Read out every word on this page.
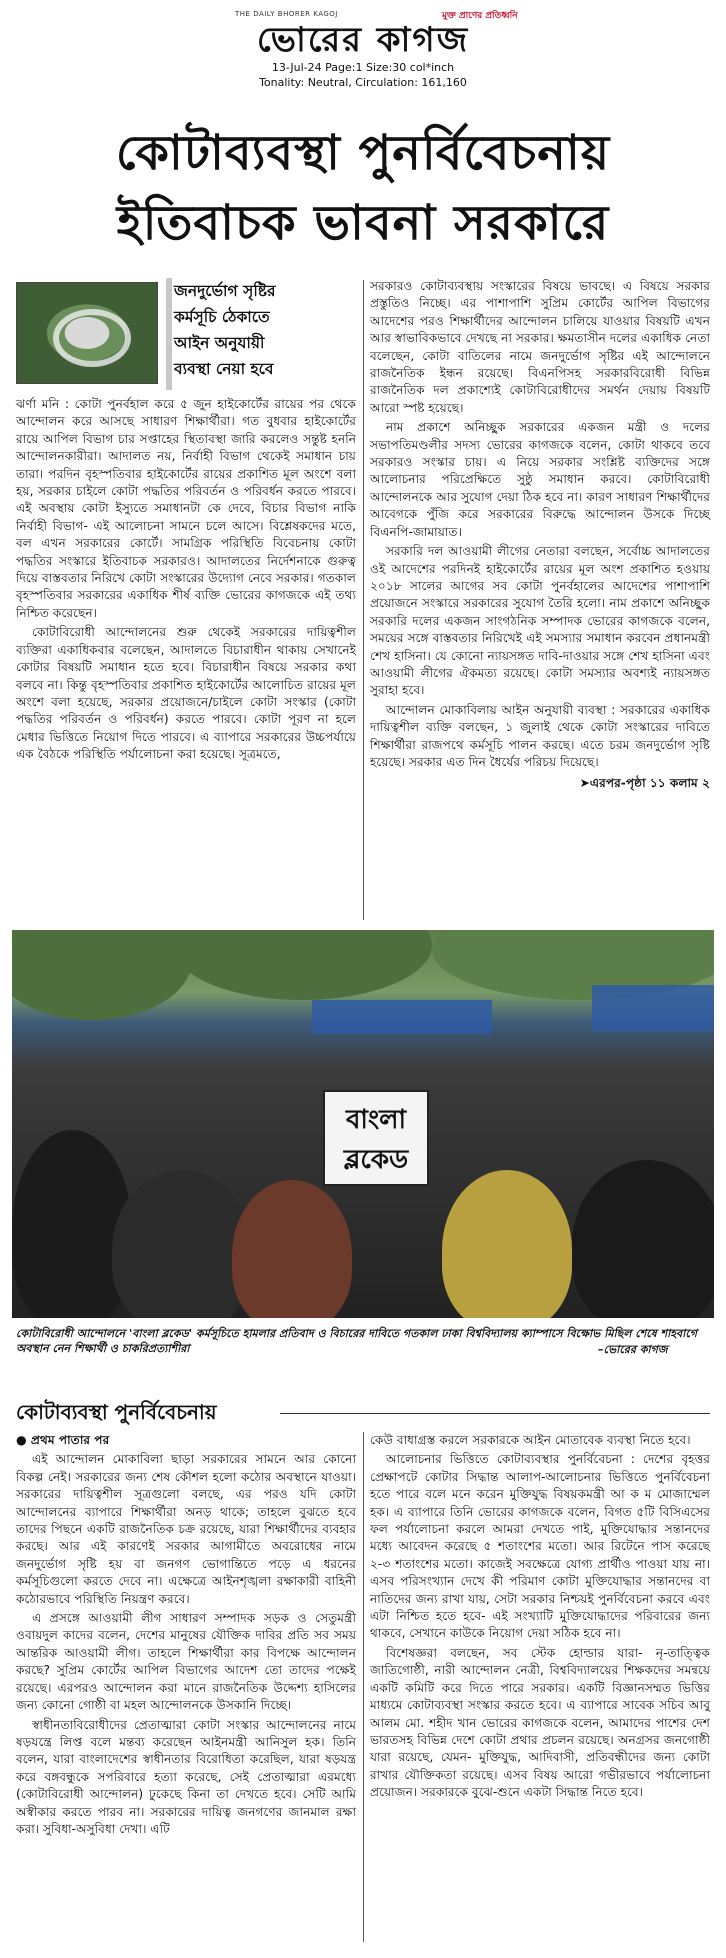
THE DAILY BHORER KAGOJ	মুক্ত প্রাণের প্রতিধ্বনি
ভোরের কাগজ
13-Jul-24 Page:1 Size:30 col*inch
Tonality: Neutral, Circulation: 161,160
কোটাব্যবস্থা পুনর্বিবেচনায়
ইতিবাচক ভাবনা সরকারে
জনদুর্ভোগ সৃষ্টির
কর্মসূচি ঠেকাতে
আইন অনুযায়ী
ব্যবস্থা নেয়া হবে

ঝর্ণা মনি : কোটা পুনর্বহাল করে ৫ জুন হাইকোর্টের রায়ের পর থেকে আন্দোলন করে আসছে সাধারণ শিক্ষার্থীরা। গত বুধবার হাইকোর্টের রায়ে আপিল বিভাগ চার সপ্তাহের স্থিতাবস্থা জারি করলেও সন্তুষ্ট হননি আন্দোলনকারীরা। আদালত নয়, নির্বাহী বিভাগ থেকেই সমাধান চায় তারা। পরদিন বৃহস্পতিবার হাইকোর্টের রায়ের প্রকাশিত মূল অংশে বলা হয়, সরকার চাইলে কোটা পদ্ধতির পরিবর্তন ও পরিবর্ধন করতে পারবে। এই অবস্থায় কোটা ইস্যুতে সমাধানটা কে দেবে, বিচার বিভাগ নাকি নির্বাহী বিভাগ- এই আলোচনা সামনে চলে আসে। বিশ্লেষকদের মতে, বল এখন সরকারের কোর্টে। সামগ্রিক পরিস্থিতি বিবেচনায় কোটা পদ্ধতির সংস্কারে ইতিবাচক সরকারও। আদালতের নির্দেশনাকে গুরুত্ব দিয়ে বাস্তবতার নিরিখে কোটা সংস্কারের উদ্যোগ নেবে সরকার। গতকাল বৃহস্পতিবার সরকারের একাধিক শীর্ষ ব্যক্তি ভোরের কাগজকে এই তথ্য নিশ্চিত করেছেন।

কোটাবিরোধী আন্দোলনের শুরু থেকেই সরকারের দায়িত্বশীল ব্যক্তিরা একাধিকবার বলেছেন, আদালতে বিচারাধীন থাকায় সেখানেই কোটার বিষয়টি সমাধান হতে হবে। বিচারাধীন বিষয়ে সরকার কথা বলবে না। কিন্তু বৃহস্পতিবার প্রকাশিত হাইকোর্টের আলোচিত রায়ের মূল অংশে বলা হয়েছে, সরকার প্রয়োজনে/চাইলে কোটা সংস্কার (কোটা পদ্ধতির পরিবর্তন ও পরিবর্ধন) করতে পারবে। কোটা পূরণ না হলে মেধার ভিত্তিতে নিয়োগ দিতে পারবে। এ ব্যাপারে সরকারের উচ্চপর্যায়ে এক বৈঠকে পরিস্থিতি পর্যালোচনা করা হয়েছে। সূত্রমতে,

সরকারও কোটাব্যবস্থায় সংস্কারের বিষয়ে ভাবছে। এ বিষয়ে সরকার প্রস্তুতিও নিচ্ছে। এর পাশাপাশি সুপ্রিম কোর্টের আপিল বিভাগের আদেশের পরও শিক্ষার্থীদের আন্দোলন চালিয়ে যাওয়ার বিষয়টি এখন আর স্বাভাবিকভাবে দেখছে না সরকার। ক্ষমতাসীন দলের একাধিক নেতা বলেছেন, কোটা বাতিলের নামে জনদুর্ভোগ সৃষ্টির এই আন্দোলনে রাজনৈতিক ইন্ধন রয়েছে। বিএনপিসহ সরকারবিরোধী বিভিন্ন রাজনৈতিক দল প্রকাশ্যেই কোটাবিরোধীদের সমর্থন দেয়ায় বিষয়টি আরো স্পষ্ট হয়েছে।

নাম প্রকাশে অনিচ্ছুক সরকারের একজন মন্ত্রী ও দলের সভাপতিমণ্ডলীর সদস্য ভোরের কাগজকে বলেন, কোটা থাকবে তবে সরকারও সংস্কার চায়। এ নিয়ে সরকার সংশ্লিষ্ট ব্যক্তিদের সঙ্গে আলোচনার পরিপ্রেক্ষিতে সুষ্ঠু সমাধান করবে। কোটাবিরোধী আন্দোলনকে আর সুযোগ দেয়া ঠিক হবে না। কারণ সাধারণ শিক্ষার্থীদের আবেগকে পুঁজি করে সরকারের বিরুদ্ধে আন্দোলন উসকে দিচ্ছে বিএনপি-জামায়াত।

সরকারি দল আওয়ামী লীগের নেতারা বলছেন, সর্বোচ্চ আদালতের ওই আদেশের পরদিনই হাইকোর্টের রায়ের মূল অংশ প্রকাশিত হওয়ায় ২০১৮ সালের আগের সব কোটা পুনর্বহালের আদেশের পাশাপাশি প্রয়োজনে সংস্কারে সরকারের সুযোগ তৈরি হলো। নাম প্রকাশে অনিচ্ছুক সরকারি দলের একজন সাংগঠনিক সম্পাদক ভোরের কাগজকে বলেন, সময়ের সঙ্গে বাস্তবতার নিরিখেই এই সমস্যার সমাধান করবেন প্রধানমন্ত্রী শেখ হাসিনা। যে কোনো ন্যায়সঙ্গত দাবি-দাওয়ার সঙ্গে শেখ হাসিনা এবং আওয়ামী লীগের ঐকমত্য রয়েছে। কোটা সমস্যার অবশ্যই ন্যায়সঙ্গত সুরাহা হবে।

আন্দোলন মোকাবিলায় আইন অনুযায়ী ব্যবস্থা : সরকারের একাধিক দায়িত্বশীল ব্যক্তি বলছেন, ১ জুলাই থেকে কোটা সংস্কারের দাবিতে শিক্ষার্থীরা রাজপথে কর্মসূচি পালন করছে। এতে চরম জনদুর্ভোগ সৃষ্টি হয়েছে। সরকার এত দিন ধৈর্যের পরিচয় দিয়েছে।

➤এরপর-পৃষ্ঠা ১১ কলাম ২
বাংলা
ব্লকেড
কোটাবিরোধী আন্দোলনে 'বাংলা ব্লকেড' কর্মসূচিতে হামলার প্রতিবাদ ও বিচারের দাবিতে গতকাল ঢাকা বিশ্ববিদ্যালয় ক্যাম্পাসে বিক্ষোভ মিছিল শেষে শাহবাগে অবস্থান নেন শিক্ষার্থী ও চাকরিপ্রত্যাশীরা	–ভোরের কাগজ
কোটাব্যবস্থা পুনর্বিবেচনায়

● প্রথম পাতার পর

এই আন্দোলন মোকাবিলা ছাড়া সরকারের সামনে আর কোনো বিকল্প নেই। সরকারের জন্য শেষ কৌশল হলো কঠোর অবস্থানে যাওয়া। সরকারের দায়িত্বশীল সূত্রগুলো বলছে, এর পরও যদি কোটা আন্দোলনের ব্যাপারে শিক্ষার্থীরা অনড় থাকে; তাহলে বুঝতে হবে তাদের পিছনে একটি রাজনৈতিক চক্র রয়েছে, যারা শিক্ষার্থীদের ব্যবহার করছে। আর এই কারণেই সরকার আগামীতে অবরোধের নামে জনদুর্ভোগ সৃষ্টি হয় বা জনগণ ভোগান্তিতে পড়ে এ ধরনের কর্মসূচিগুলো করতে দেবে না। এক্ষেত্রে আইনশৃঙ্খলা রক্ষাকারী বাহিনী কঠোরভাবে পরিস্থিতি নিয়ন্ত্রণ করবে।

এ প্রসঙ্গে আওয়ামী লীগ সাধারণ সম্পাদক সড়ক ও সেতুমন্ত্রী ওবায়দুল কাদের বলেন, দেশের মানুষের যৌক্তিক দাবির প্রতি সব সময় আন্তরিক আওয়ামী লীগ। তাহলে শিক্ষার্থীরা কার বিপক্ষে আন্দোলন করছে? সুপ্রিম কোর্টের আপিল বিভাগের আদেশ তো তাদের পক্ষেই রয়েছে। এরপরও আন্দোলন করা মানে রাজনৈতিক উদ্দেশ্য হাসিলের জন্য কোনো গোষ্ঠী বা মহল আন্দোলনকে উসকানি দিচ্ছে।

স্বাধীনতাবিরোধীদের প্রেতাত্মারা কোটা সংস্কার আন্দোলনের নামে ষড়যন্ত্রে লিপ্ত বলে মন্তব্য করেছেন আইনমন্ত্রী আনিসুল হক। তিনি বলেন, যারা বাংলাদেশের স্বাধীনতার বিরোধিতা করেছিল, যারা ষড়যন্ত্র করে বঙ্গবন্ধুকে সপরিবারে হত্যা করেছে, সেই প্রেতাত্মারা এরমধ্যে (কোটাবিরোধী আন্দোলন) ঢুকেছে কিনা তা দেখতে হবে। সেটি আমি অস্বীকার করতে পারব না। সরকারের দায়িত্ব জনগণের জানমাল রক্ষা করা। সুবিধা-অসুবিধা দেখা। এটি

কেউ বাধাগ্রস্ত করলে সরকারকে আইন মোতাবেক ব্যবস্থা নিতে হবে।

আলোচনার ভিত্তিতে কোটাব্যবস্থার পুনর্বিবেচনা : দেশের বৃহত্তর প্রেক্ষাপটে কোটার সিদ্ধান্ত আলাপ-আলোচনার ভিত্তিতে পুনর্বিবেচনা হতে পারে বলে মনে করেন মুক্তিযুদ্ধ বিষয়কমন্ত্রী আ ক ম মোজাম্মেল হক। এ ব্যাপারে তিনি ভোরের কাগজকে বলেন, বিগত ৫টি বিসিএসের ফল পর্যালোচনা করলে আমরা দেখতে পাই, মুক্তিযোদ্ধার সন্তানদের মধ্যে আবেদন করেছে ৫ শতাংশের মতো। আর রিটেনে পাস করেছে ২-৩ শতাংশের মতো। কাজেই সবক্ষেত্রে যোগ্য প্রার্থীও পাওয়া যায় না। এসব পরিসংখ্যান দেখে কী পরিমাণ কোটা মুক্তিযোদ্ধার সন্তানদের বা নাতিদের জন্য রাখা যায়, সেটা সরকার নিশ্চয়ই পুনর্বিবেচনা করবে এবং এটা নিশ্চিত হতে হবে- এই সংখ্যাটি মুক্তিযোদ্ধাদের পরিবারের জন্য থাকবে, সেখানে কাউকে নিয়োগ দেয়া সঠিক হবে না।

বিশেষজ্ঞরা বলছেন, সব স্টেক হোল্ডার যারা- নৃ-তাত্ত্বিক জাতিগোষ্ঠী, নারী আন্দোলন নেত্রী, বিশ্ববিদ্যালয়ের শিক্ষকদের সমন্বয়ে একটি কমিটি করে দিতে পারে সরকার। একটি বিজ্ঞানসম্মত ভিত্তির মাধ্যমে কোটাব্যবস্থা সংস্কার করতে হবে। এ ব্যাপারে সাবেক সচিব আবু আলম মো. শহীদ খান ভোরের কাগজকে বলেন, আমাদের পাশের দেশ ভারতসহ বিভিন্ন দেশে কোটা প্রথার প্রচলন রয়েছে। অনগ্রসর জনগোষ্ঠী যারা রয়েছে, যেমন- মুক্তিযুদ্ধ, আদিবাসী, প্রতিবন্ধীদের জন্য কোটা রাখার যৌক্তিকতা রয়েছে। এসব বিষয় আরো গভীরভাবে পর্যালোচনা প্রয়োজন। সরকারকে বুঝে-শুনে একটা সিদ্ধান্ত নিতে হবে।
